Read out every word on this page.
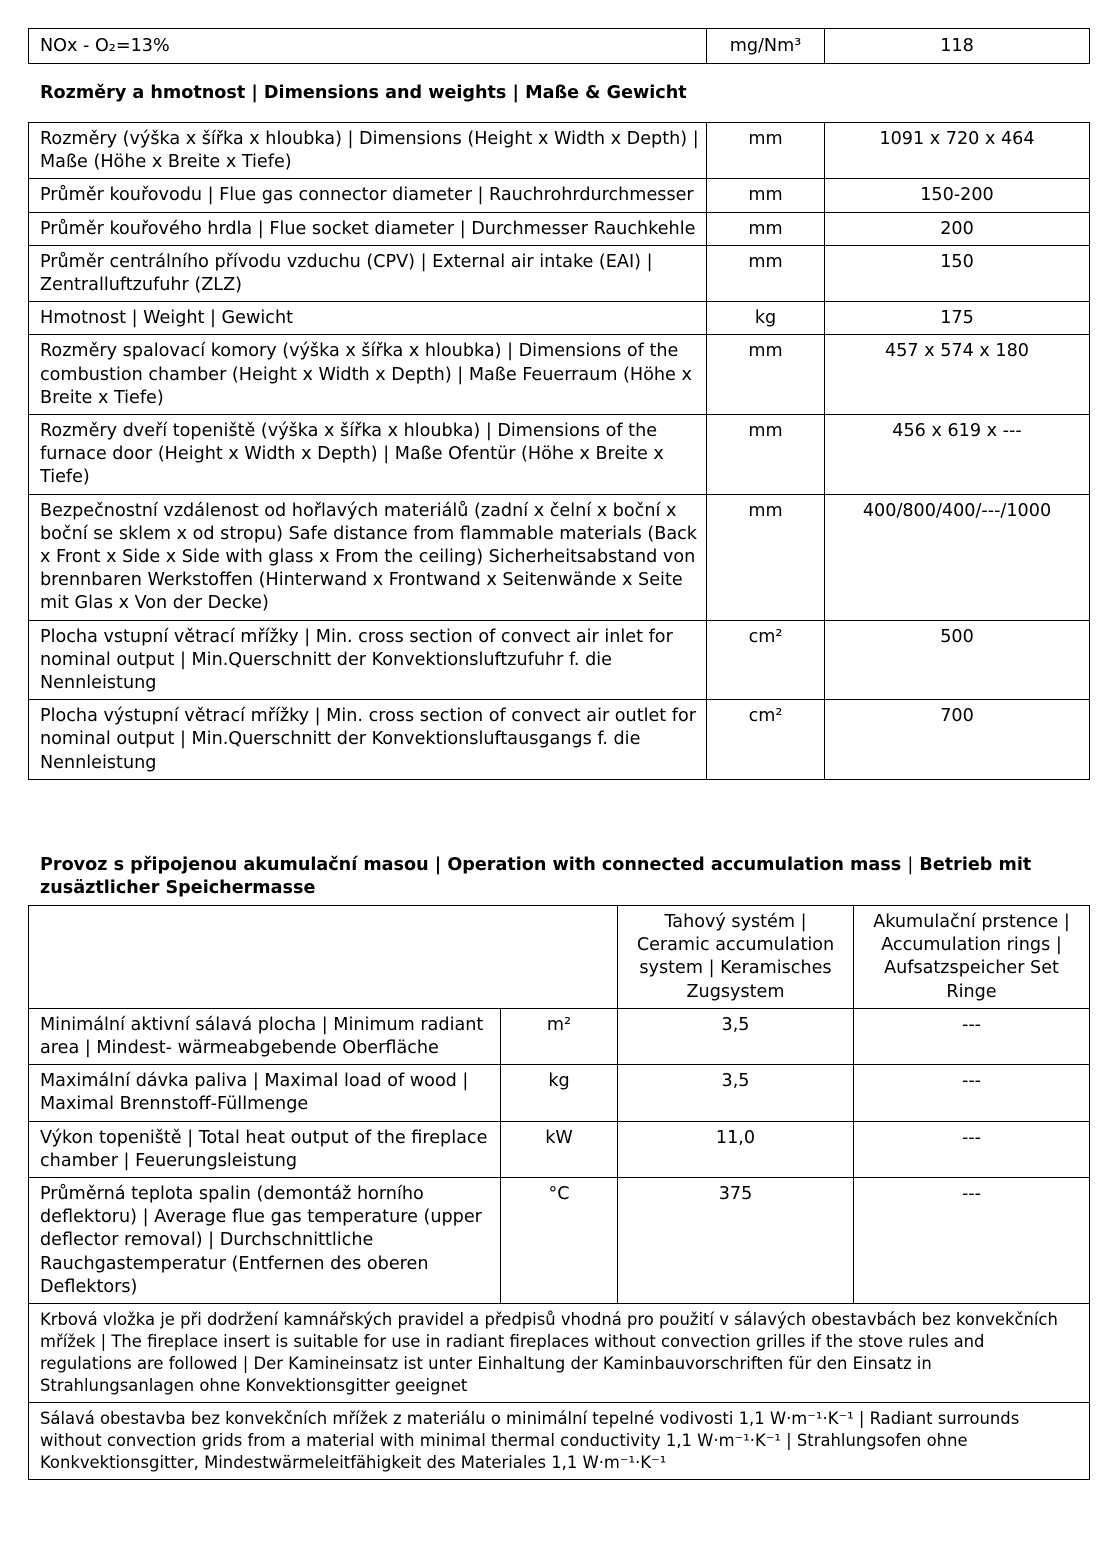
NOx - O₂=13%	mg/Nm³	118
Rozměry a hmotnost | Dimensions and weights | Maße & Gewicht
Rozměry (výška x šířka x hloubka) | Dimensions (Height x Width x Depth) | Maße (Höhe x Breite x Tiefe)	mm	1091 x 720 x 464
Průměr kouřovodu | Flue gas connector diameter | Rauchrohrdurchmesser	mm	150-200
Průměr kouřového hrdla | Flue socket diameter | Durchmesser Rauchkehle	mm	200
Průměr centrálního přívodu vzduchu (CPV) | External air intake (EAI) | Zentralluftzufuhr (ZLZ)	mm	150
Hmotnost | Weight | Gewicht	kg	175
Rozměry spalovací komory (výška x šířka x hloubka) | Dimensions of the combustion chamber (Height x Width x Depth) | Maße Feuerraum (Höhe x Breite x Tiefe)	mm	457 x 574 x 180
Rozměry dveří topeniště (výška x šířka x hloubka) | Dimensions of the furnace door (Height x Width x Depth) | Maße Ofentür (Höhe x Breite x Tiefe)	mm	456 x 619 x ---
Bezpečnostní vzdálenost od hořlavých materiálů (zadní x čelní x boční x boční se sklem x od stropu) Safe distance from flammable materials (Back x Front x Side x Side with glass x From the ceiling) Sicherheitsabstand von brennbaren Werkstoffen (Hinterwand x Frontwand x Seitenwände x Seite mit Glas x Von der Decke)	mm	400/800/400/---/1000
Plocha vstupní větrací mřížky | Min. cross section of convect air inlet for nominal output | Min.Querschnitt der Konvektionsluftzufuhr f. die Nennleistung	cm²	500
Plocha výstupní větrací mřížky | Min. cross section of convect air outlet for nominal output | Min.Querschnitt der Konvektionsluftausgangs f. die Nennleistung	cm²	700
Provoz s připojenou akumulační masou | Operation with connected accumulation mass | Betrieb mit zusäztlicher Speichermasse
		Tahový systém | Ceramic accumulation system | Keramisches Zugsystem	Akumulační prstence | Accumulation rings | Aufsatzspeicher Set Ringe
Minimální aktivní sálavá plocha | Minimum radiant area | Mindest- wärmeabgebende Oberfläche	m²	3,5	---
Maximální dávka paliva | Maximal load of wood | Maximal Brennstoff-Füllmenge	kg	3,5	---
Výkon topeniště | Total heat output of the fireplace chamber | Feuerungsleistung	kW	11,0	---
Průměrná teplota spalin (demontáž horního deflektoru) | Average flue gas temperature (upper deflector removal) | Durchschnittliche Rauchgastemperatur (Entfernen des oberen Deflektors)	°C	375	---
Krbová vložka je při dodržení kamnářských pravidel a předpisů vhodná pro použití v sálavých obestavbách bez konvekčních mřížek | The fireplace insert is suitable for use in radiant fireplaces without convection grilles if the stove rules and regulations are followed | Der Kamineinsatz ist unter Einhaltung der Kaminbauvorschriften für den Einsatz in Strahlungsanlagen ohne Konvektionsgitter geeignet			
Sálavá obestavba bez konvekčních mřížek z materiálu o minimální tepelné vodivosti 1,1 W·m⁻¹·K⁻¹ | Radiant surrounds without convection grids from a material with minimal thermal conductivity 1,1 W·m⁻¹·K⁻¹ | Strahlungsofen ohne Konkvektionsgitter, Mindestwärmeleitfähigkeit des Materiales 1,1 W·m⁻¹·K⁻¹			
